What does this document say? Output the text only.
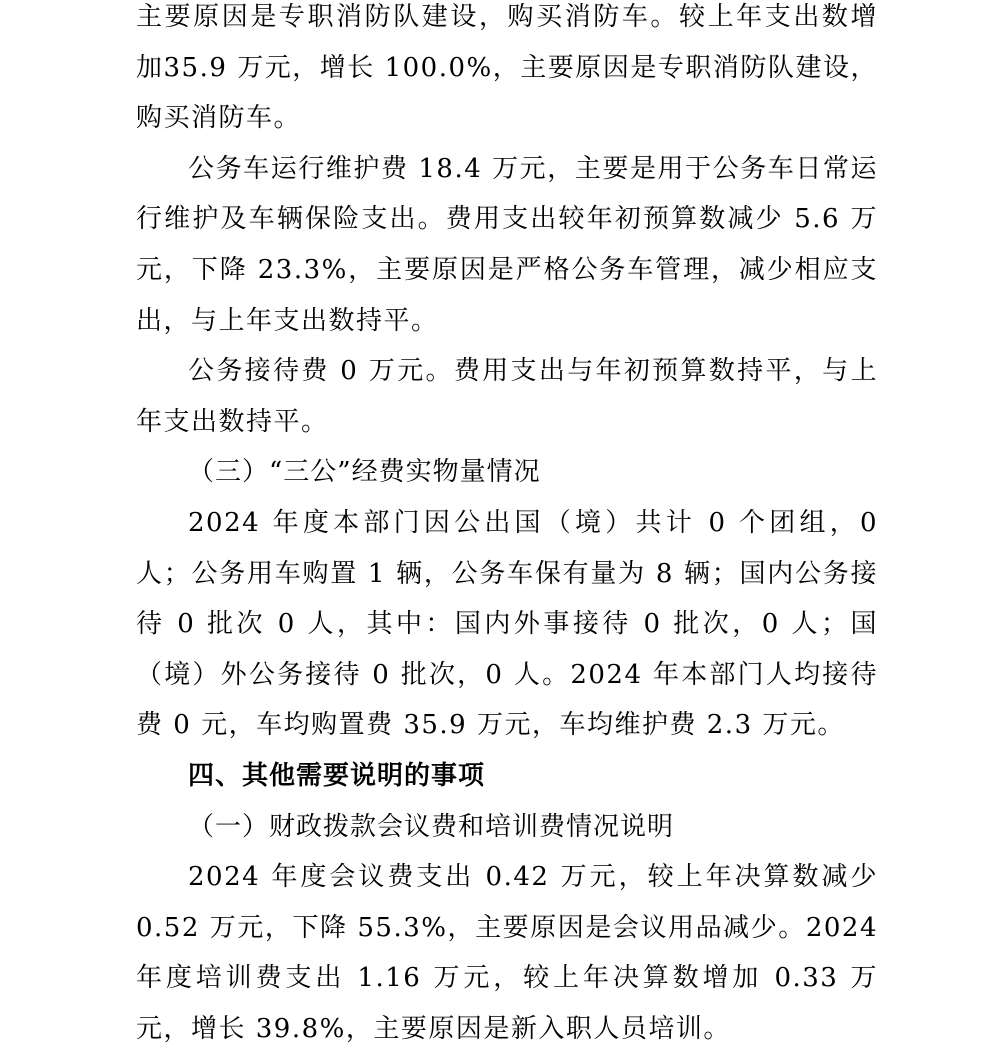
主要原因是专职消防队建设，购买消防车。较上年支出数增加35.9 万元，增长 100.0%，主要原因是专职消防队建设，购买消防车。

公务车运行维护费 18.4 万元，主要是用于公务车日常运行维护及车辆保险支出。费用支出较年初预算数减少 5.6 万元，下降 23.3%，主要原因是严格公务车管理，减少相应支出，与上年支出数持平。

公务接待费 0 万元。费用支出与年初预算数持平，与上年支出数持平。

（三）“三公”经费实物量情况

2024 年度本部门因公出国（境）共计 0 个团组，0 人；公务用车购置 1 辆，公务车保有量为 8 辆；国内公务接待 0 批次 0 人，其中：国内外事接待 0 批次，0 人；国（境）外公务接待 0 批次，0 人。2024 年本部门人均接待费 0 元，车均购置费 35.9 万元，车均维护费 2.3 万元。

四、其他需要说明的事项

（一）财政拨款会议费和培训费情况说明

2024 年度会议费支出 0.42 万元，较上年决算数减少 0.52 万元，下降 55.3%，主要原因是会议用品减少。2024 年度培训费支出 1.16 万元，较上年决算数增加 0.33 万元，增长 39.8%，主要原因是新入职人员培训。
